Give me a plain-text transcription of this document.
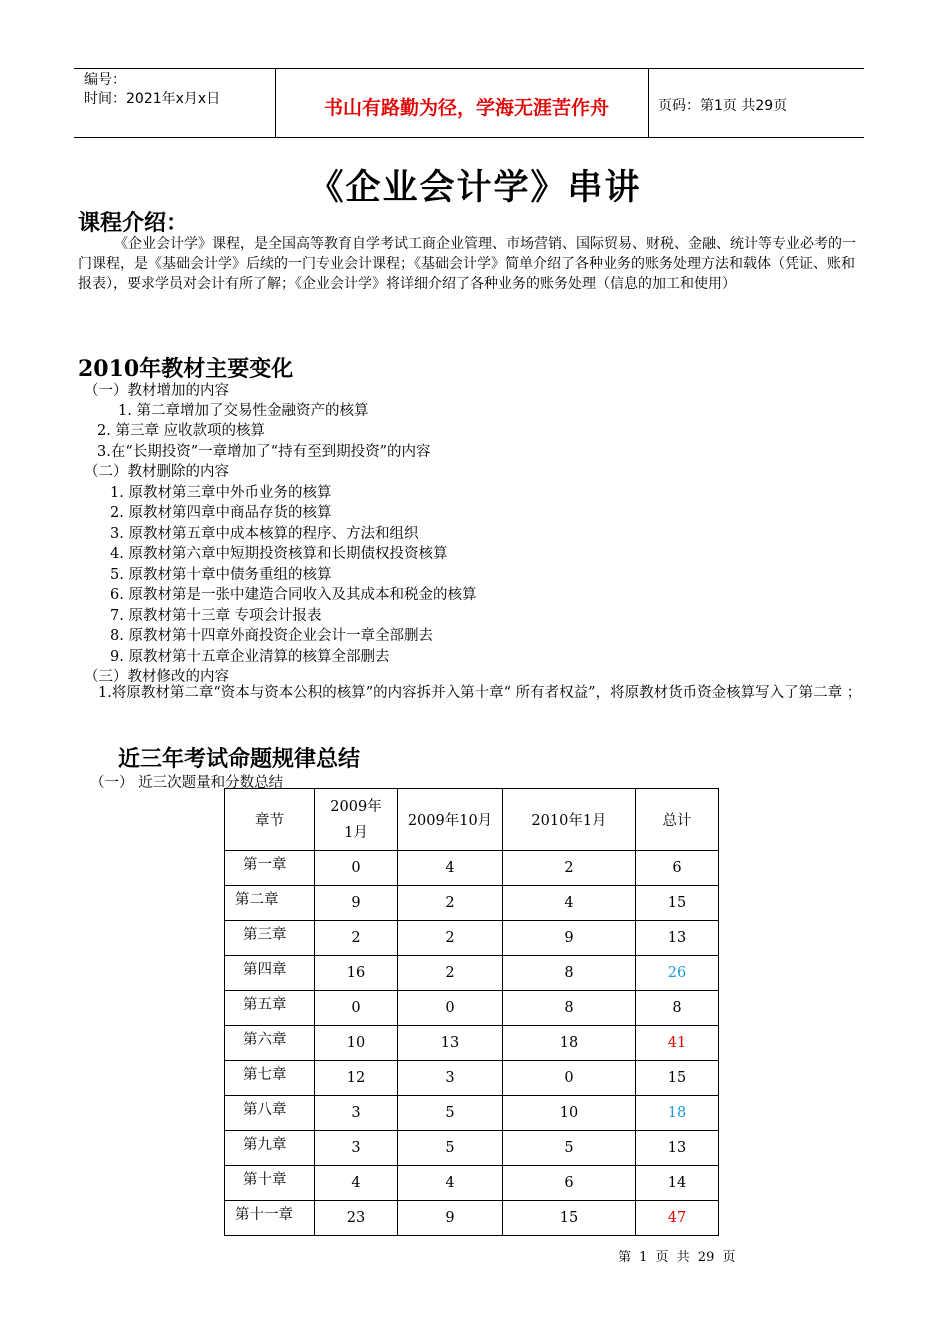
编号：
时间：2021年x月x日	书山有路勤为径，学海无涯苦作舟	页码：第1页 共29页
《企业会计学》串讲
课程介绍：
《企业会计学》课程，是全国高等教育自学考试工商企业管理、市场营销、国际贸易、财税、金融、统计等专业必考的一门课程，是《基础会计学》后续的一门专业会计课程；《基础会计学》简单介绍了各种业务的账务处理方法和载体（凭证、账和报表），要求学员对会计有所了解；《企业会计学》将详细介绍了各种业务的账务处理（信息的加工和使用）
2010年教材主要变化
（一）教材增加的内容
1. 第二章增加了交易性金融资产的核算
2. 第三章 应收款项的核算
3.在“长期投资”一章增加了“持有至到期投资”的内容
（二）教材删除的内容
1. 原教材第三章中外币业务的核算
2. 原教材第四章中商品存货的核算
3. 原教材第五章中成本核算的程序、方法和组织
4. 原教材第六章中短期投资核算和长期债权投资核算
5. 原教材第十章中债务重组的核算
6. 原教材第是一张中建造合同收入及其成本和税金的核算
7. 原教材第十三章 专项会计报表
8. 原教材第十四章外商投资企业会计一章全部删去
9. 原教材第十五章企业清算的核算全部删去
（三）教材修改的内容
1.将原教材第二章“资本与资本公积的核算”的内容拆并入第十章“ 所有者权益”，将原教材货币资金核算写入了第二章 ；
近三年考试命题规律总结
（一） 近三次题量和分数总结
章节	2009年1月	2009年10月	2010年1月	总计

第一章	0	4	2	6

第二章	9	2	4	15

第三章	2	2	9	13

第四章	16	2	8	26

第五章	0	0	8	8

第六章	10	13	18	41

第七章	12	3	0	15

第八章	3	5	10	18

第九章	3	5	5	13

第十章	4	4	6	14

第十一章	23	9	15	47
第 1 页 共 29 页
